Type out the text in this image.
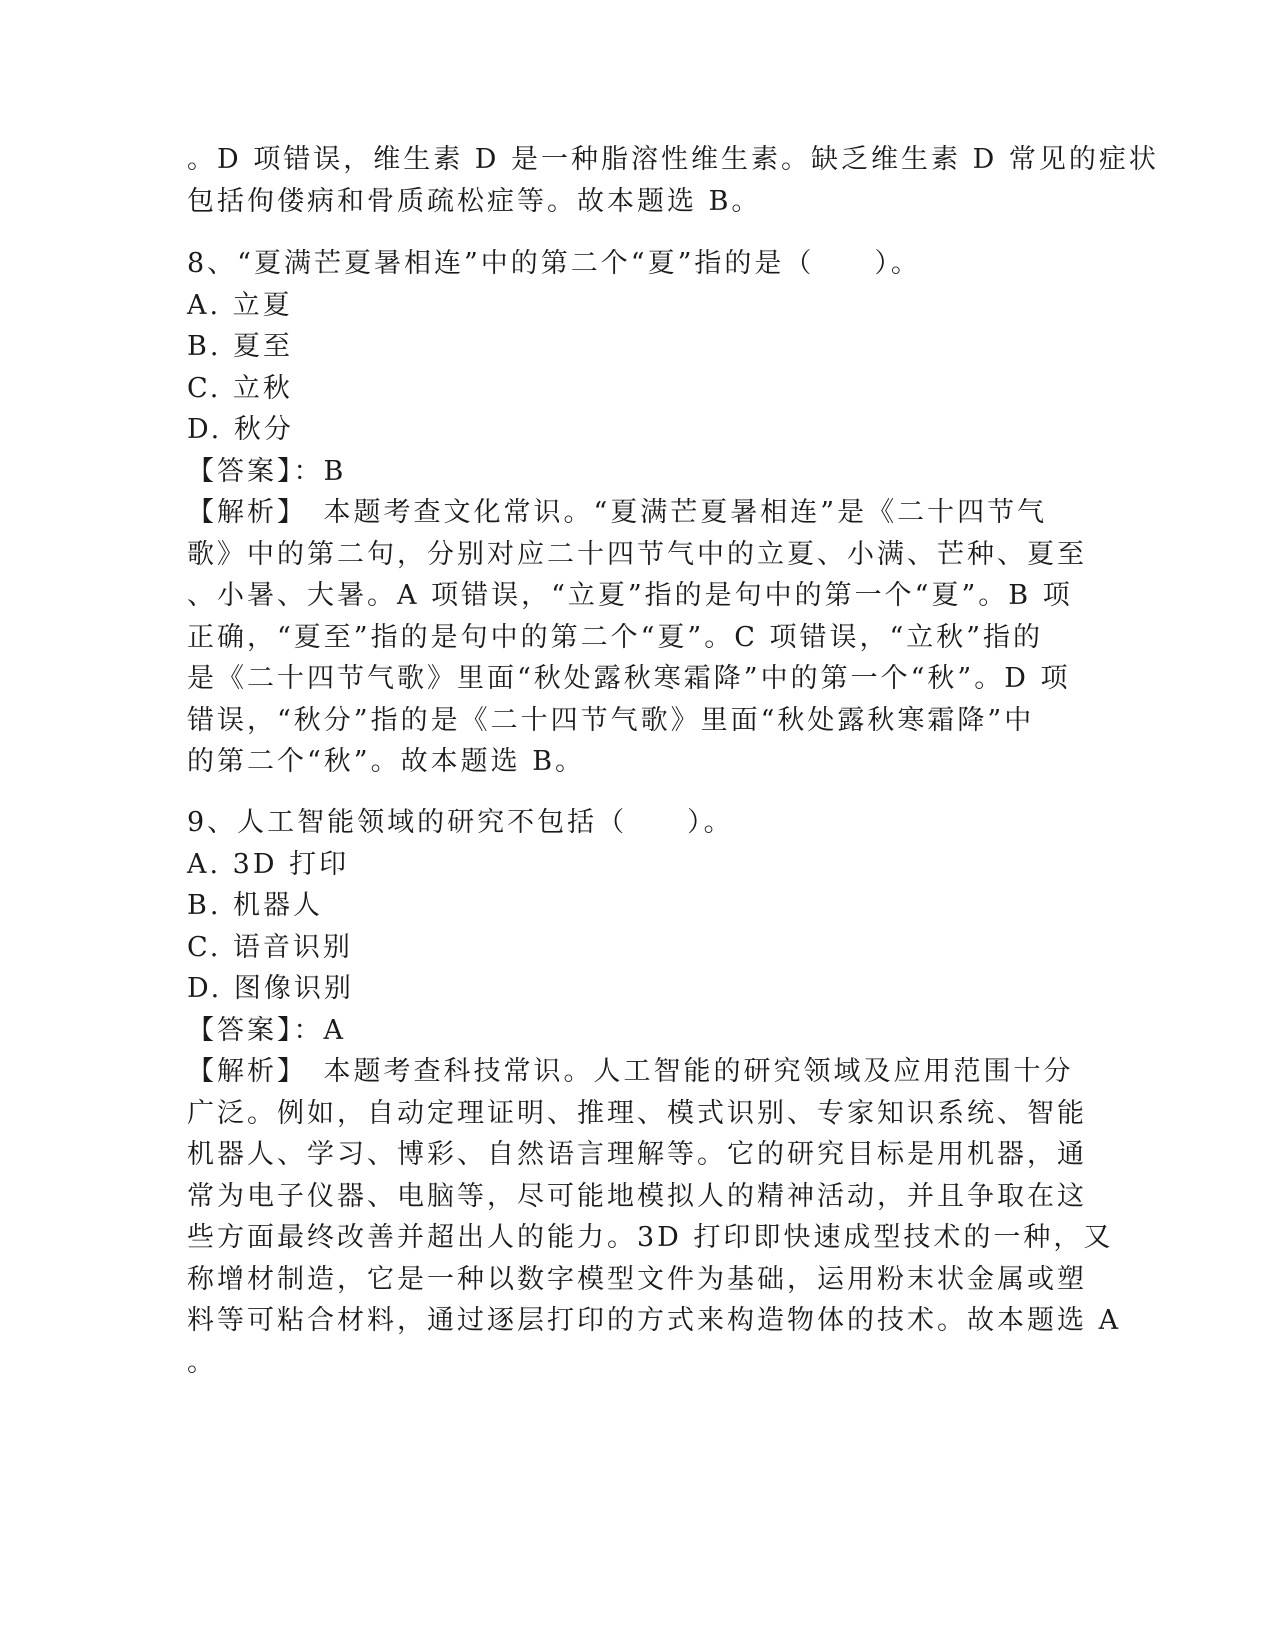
。D 项错误，维生素 D 是一种脂溶性维生素。缺乏维生素 D 常见的症状
包括佝偻病和骨质疏松症等。故本题选 B。
8、“夏满芒夏暑相连”中的第二个“夏”指的是（　　）。
A. 立夏
B. 夏至
C. 立秋
D. 秋分
【答案】：B
【解析】　本题考查文化常识。“夏满芒夏暑相连”是《二十四节气
歌》中的第二句，分别对应二十四节气中的立夏、小满、芒种、夏至
、小暑、大暑。A 项错误，“立夏”指的是句中的第一个“夏”。B 项
正确，“夏至”指的是句中的第二个“夏”。C 项错误，“立秋”指的
是《二十四节气歌》里面“秋处露秋寒霜降”中的第一个“秋”。D 项
错误，“秋分”指的是《二十四节气歌》里面“秋处露秋寒霜降”中
的第二个“秋”。故本题选 B。
9、人工智能领域的研究不包括（　　）。
A. 3D 打印
B. 机器人
C. 语音识别
D. 图像识别
【答案】：A
【解析】　本题考查科技常识。人工智能的研究领域及应用范围十分
广泛。例如，自动定理证明、推理、模式识别、专家知识系统、智能
机器人、学习、博彩、自然语言理解等。它的研究目标是用机器，通
常为电子仪器、电脑等，尽可能地模拟人的精神活动，并且争取在这
些方面最终改善并超出人的能力。3D 打印即快速成型技术的一种，又
称增材制造，它是一种以数字模型文件为基础，运用粉末状金属或塑
料等可粘合材料，通过逐层打印的方式来构造物体的技术。故本题选 A
。
